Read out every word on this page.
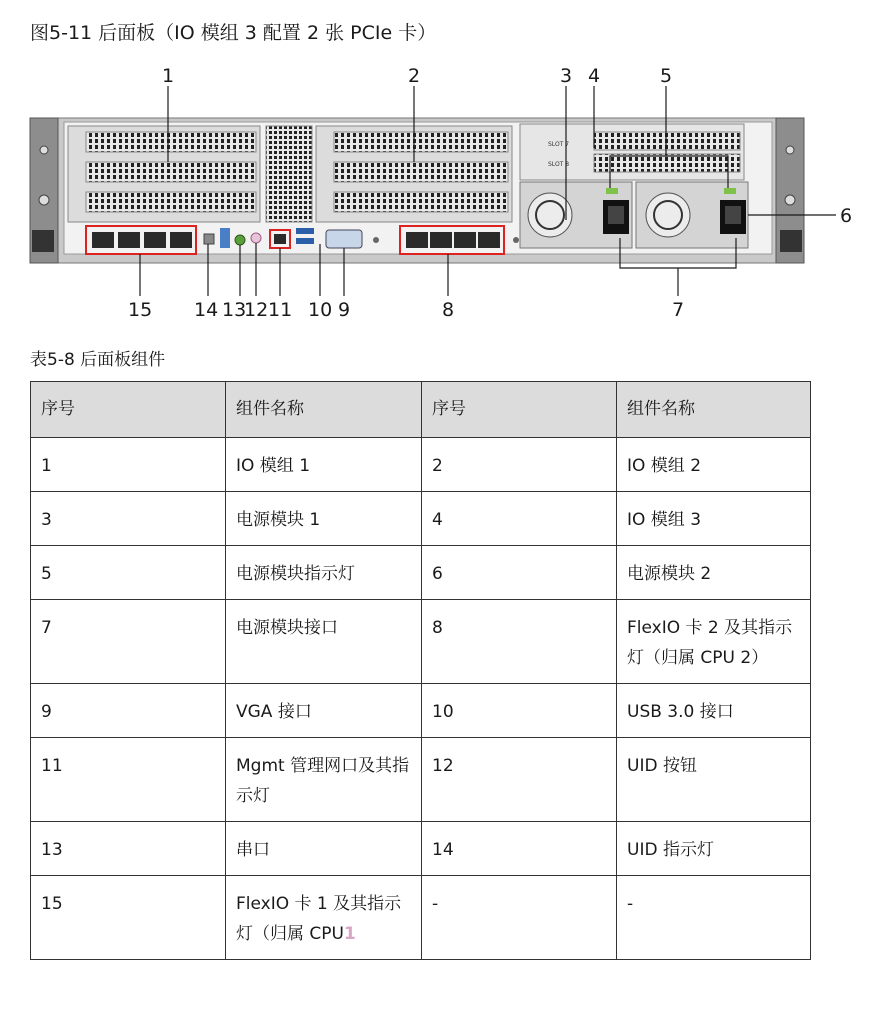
图5-11 后面板（IO 模组 3 配置 2 张 PCIe 卡）
SLOT 7
SLOT 8
1	2	3 4	5
6
7
8
9
10
11
12
13
14
15
表5-8 后面板组件
序号	组件名称	序号	组件名称
1	IO 模组 1	2	IO 模组 2
3	电源模块 1	4	IO 模组 3
5	电源模块指示灯	6	电源模块 2
7	电源模块接口	8	FlexIO 卡 2 及其指示灯（归属 CPU 2）
9	VGA 接口	10	USB 3.0 接口
11	Mgmt 管理网口及其指示灯	12	UID 按钮
13	串口	14	UID 指示灯
15	FlexIO 卡 1 及其指示灯（归属 CPU1	-	-
